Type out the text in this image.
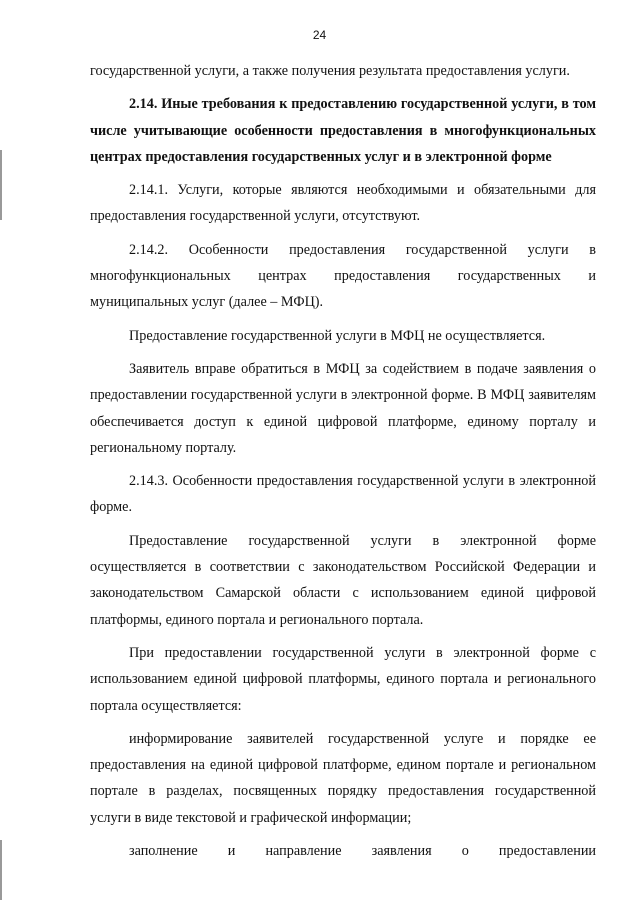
24

государственной услуги, а также получения результата предоставления услуги.

2.14. Иные требования к предоставлению государственной услуги, в том числе учитывающие особенности предоставления в многофункциональных центрах предоставления государственных услуг и в электронной форме

2.14.1. Услуги, которые являются необходимыми и обязательными для предоставления государственной услуги, отсутствуют.

2.14.2. Особенности предоставления государственной услуги в многофункциональных центрах предоставления государственных и муниципальных услуг (далее – МФЦ).

Предоставление государственной услуги в МФЦ не осуществляется.

Заявитель вправе обратиться в МФЦ за содействием в подаче заявления о предоставлении государственной услуги в электронной форме. В МФЦ заявителям обеспечивается доступ к единой цифровой платформе, единому порталу и региональному порталу.

2.14.3. Особенности предоставления государственной услуги в электронной форме.

Предоставление государственной услуги в электронной форме осуществляется в соответствии с законодательством Российской Федерации и законодательством Самарской области с использованием единой цифровой платформы, единого портала и регионального портала.

При предоставлении государственной услуги в электронной форме с использованием единой цифровой платформы, единого портала и регионального портала осуществляется:

информирование заявителей государственной услуге и порядке ее предоставления на единой цифровой платформе, едином портале и региональном портале в разделах, посвященных порядку предоставления государственной услуги в виде текстовой и графической информации;

заполнение и направление заявления о предоставлении
